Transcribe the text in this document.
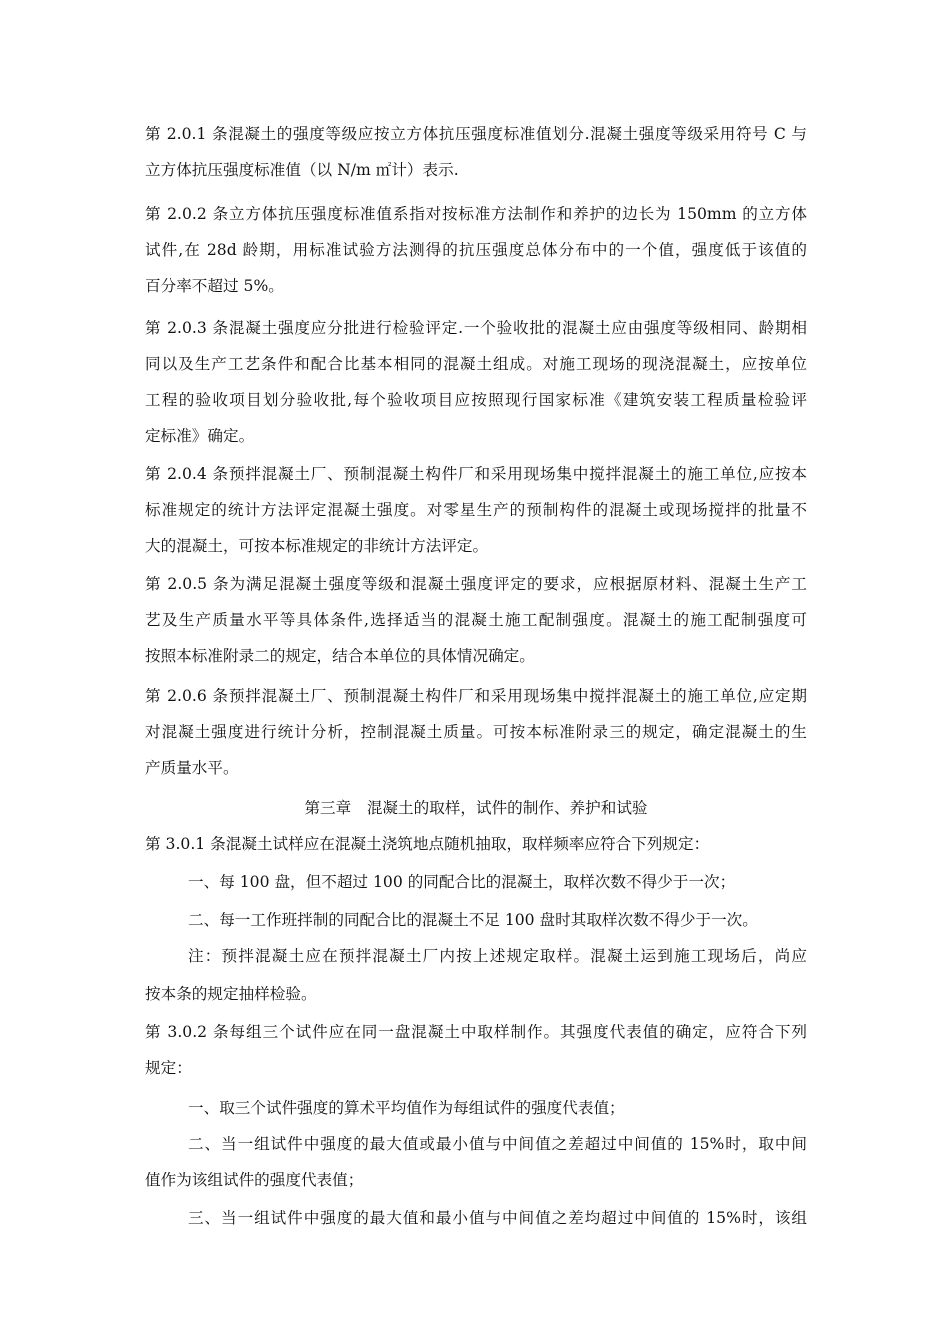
第 2.0.1 条混凝土的强度等级应按立方体抗压强度标准值划分.混凝土强度等级采用符号 C 与
立方体抗压强度标准值（以 N/m ㎡计）表示.
第 2.0.2 条立方体抗压强度标准值系指对按标准方法制作和养护的边长为 150mm 的立方体
试件,在 28d 龄期，用标准试验方法测得的抗压强度总体分布中的一个值，强度低于该值的
百分率不超过 5%。
第 2.0.3 条混凝土强度应分批进行检验评定.一个验收批的混凝土应由强度等级相同、龄期相
同以及生产工艺条件和配合比基本相同的混凝土组成。对施工现场的现浇混凝土，应按单位
工程的验收项目划分验收批,每个验收项目应按照现行国家标准《建筑安装工程质量检验评
定标准》确定。
第 2.0.4 条预拌混凝土厂、预制混凝土构件厂和采用现场集中搅拌混凝土的施工单位,应按本
标准规定的统计方法评定混凝土强度。对零星生产的预制构件的混凝土或现场搅拌的批量不
大的混凝土，可按本标准规定的非统计方法评定。
第 2.0.5 条为满足混凝土强度等级和混凝土强度评定的要求，应根据原材料、混凝土生产工
艺及生产质量水平等具体条件,选择适当的混凝土施工配制强度。混凝土的施工配制强度可
按照本标准附录二的规定，结合本单位的具体情况确定。
第 2.0.6 条预拌混凝土厂、预制混凝土构件厂和采用现场集中搅拌混凝土的施工单位,应定期
对混凝土强度进行统计分析，控制混凝土质量。可按本标准附录三的规定，确定混凝土的生
产质量水平。
第三章　混凝土的取样，试件的制作、养护和试验
第 3.0.1 条混凝土试样应在混凝土浇筑地点随机抽取，取样频率应符合下列规定：
一、每 100 盘，但不超过 100 的同配合比的混凝土，取样次数不得少于一次；
二、每一工作班拌制的同配合比的混凝土不足 100 盘时其取样次数不得少于一次。
注：预拌混凝土应在预拌混凝土厂内按上述规定取样。混凝土运到施工现场后，尚应
按本条的规定抽样检验。
第 3.0.2 条每组三个试件应在同一盘混凝土中取样制作。其强度代表值的确定，应符合下列
规定：
一、取三个试件强度的算术平均值作为每组试件的强度代表值；
二、当一组试件中强度的最大值或最小值与中间值之差超过中间值的 15%时，取中间
值作为该组试件的强度代表值；
三、当一组试件中强度的最大值和最小值与中间值之差均超过中间值的 15%时，该组
